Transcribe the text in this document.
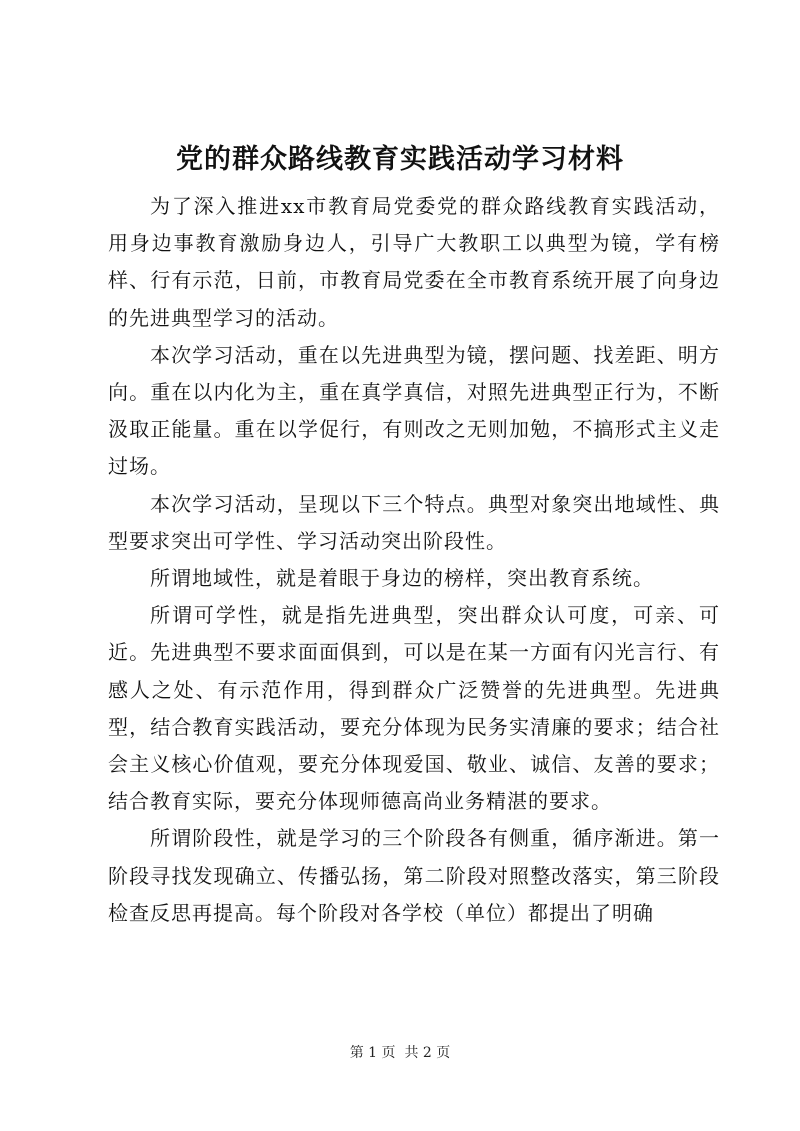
党的群众路线教育实践活动学习材料

为了深入推进xx市教育局党委党的群众路线教育实践活动，用身边事教育激励身边人，引导广大教职工以典型为镜，学有榜样、行有示范，日前，市教育局党委在全市教育系统开展了向身边的先进典型学习的活动。

本次学习活动，重在以先进典型为镜，摆问题、找差距、明方向。重在以内化为主，重在真学真信，对照先进典型正行为，不断汲取正能量。重在以学促行，有则改之无则加勉，不搞形式主义走过场。

本次学习活动，呈现以下三个特点。典型对象突出地域性、典型要求突出可学性、学习活动突出阶段性。

所谓地域性，就是着眼于身边的榜样，突出教育系统。

所谓可学性，就是指先进典型，突出群众认可度，可亲、可近。先进典型不要求面面俱到，可以是在某一方面有闪光言行、有感人之处、有示范作用，得到群众广泛赞誉的先进典型。先进典型，结合教育实践活动，要充分体现为民务实清廉的要求；结合社会主义核心价值观，要充分体现爱国、敬业、诚信、友善的要求；结合教育实际，要充分体现师德高尚业务精湛的要求。

所谓阶段性，就是学习的三个阶段各有侧重，循序渐进。第一阶段寻找发现确立、传播弘扬，第二阶段对照整改落实，第三阶段检查反思再提高。每个阶段对各学校（单位）都提出了明确

第 1 页  共 2 页
